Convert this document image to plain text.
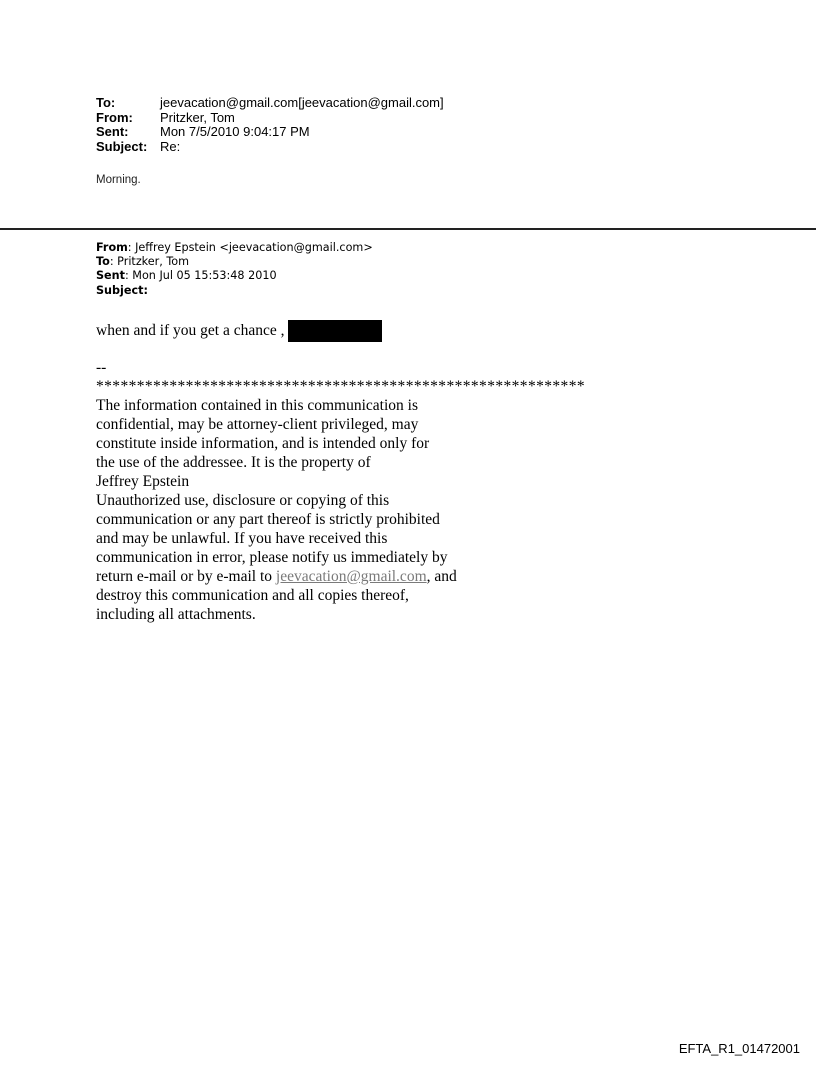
To:	jeevacation@gmail.com[jeevacation@gmail.com]
From:	Pritzker, Tom
Sent:	Mon 7/5/2010 9:04:17 PM
Subject: Re:
Morning.
From: Jeffrey Epstein <jeevacation@gmail.com>
To: Pritzker, Tom
Sent: Mon Jul 05 15:53:48 2010
Subject:
when and if you get a chance ,
--
************************************************************
The information contained in this communication is
confidential, may be attorney-client privileged, may
constitute inside information, and is intended only for
the use of the addressee. It is the property of
Jeffrey Epstein
Unauthorized use, disclosure or copying of this
communication or any part thereof is strictly prohibited
and may be unlawful. If you have received this
communication in error, please notify us immediately by
return e-mail or by e-mail to jeevacation@gmail.com, and
destroy this communication and all copies thereof,
including all attachments.
EFTA_R1_01472001
